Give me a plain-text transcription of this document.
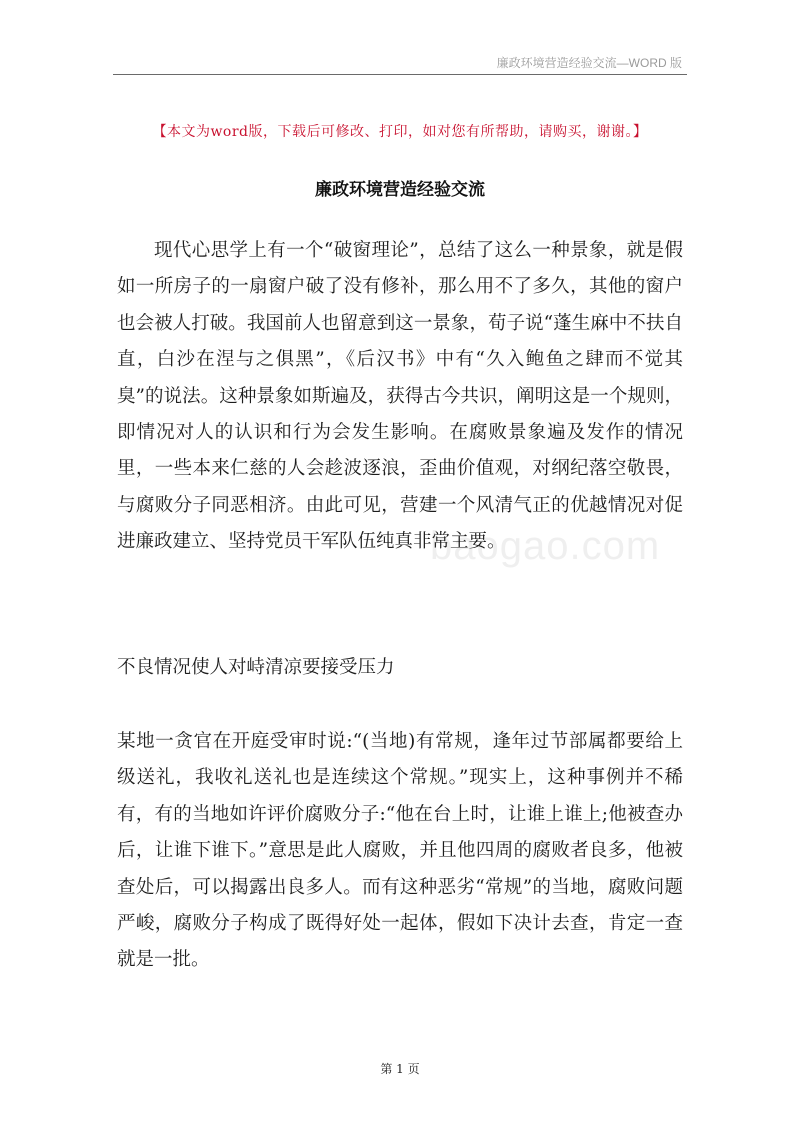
廉政环境营造经验交流—WORD 版
【本文为word版，下载后可修改、打印，如对您有所帮助，请购买，谢谢。】
廉政环境营造经验交流
baogao.com
现代心思学上有一个“破窗理论”，总结了这么一种景象，就是假如一所房子的一扇窗户破了没有修补，那么用不了多久，其他的窗户也会被人打破。我国前人也留意到这一景象，荀子说“蓬生麻中不扶自直，白沙在涅与之俱黑”，《后汉书》中有“久入鲍鱼之肆而不觉其臭”的说法。这种景象如斯遍及，获得古今共识，阐明这是一个规则，即情况对人的认识和行为会发生影响。在腐败景象遍及发作的情况里，一些本来仁慈的人会趁波逐浪，歪曲价值观，对纲纪落空敬畏，与腐败分子同恶相济。由此可见，营建一个风清气正的优越情况对促进廉政建立、坚持党员干军队伍纯真非常主要。
不良情况使人对峙清凉要接受压力
某地一贪官在开庭受审时说:“(当地)有常规，逢年过节部属都要给上级送礼，我收礼送礼也是连续这个常规。”现实上，这种事例并不稀有，有的当地如许评价腐败分子:“他在台上时，让谁上谁上;他被查办后，让谁下谁下。”意思是此人腐败，并且他四周的腐败者良多，他被查处后，可以揭露出良多人。而有这种恶劣“常规”的当地，腐败问题严峻，腐败分子构成了既得好处一起体，假如下决计去查，肯定一查就是一批。
第 1 页
